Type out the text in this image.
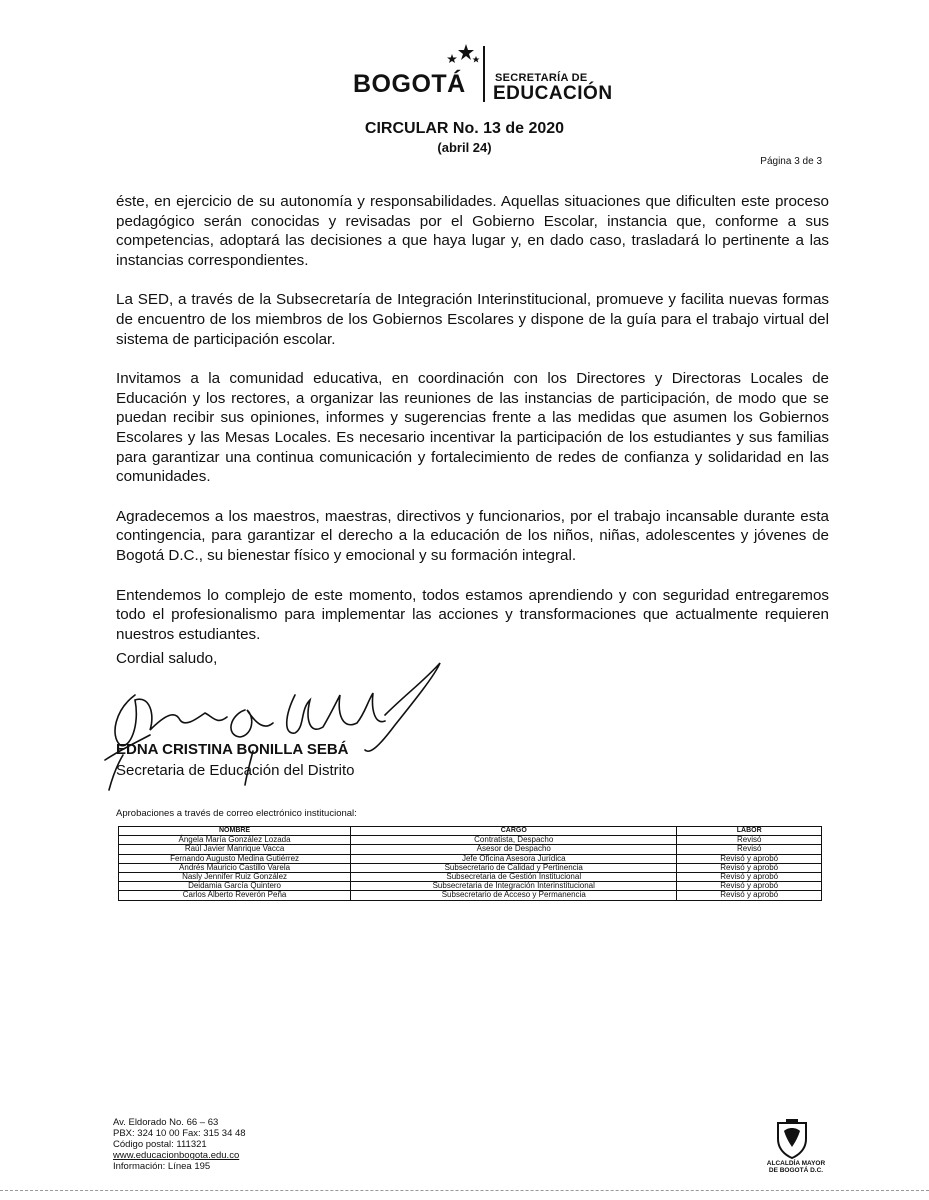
BOGOTÁ	SECRETARÍA DE
EDUCACIÓN
CIRCULAR No. 13 de 2020
(abril 24)
Página 3 de 3

éste, en ejercicio de su autonomía y responsabilidades. Aquellas situaciones que dificulten este proceso pedagógico serán conocidas y revisadas por el Gobierno Escolar, instancia que, conforme a sus competencias, adoptará las decisiones a que haya lugar y, en dado caso, trasladará lo pertinente a las instancias correspondientes.

La SED, a través de la Subsecretaría de Integración Interinstitucional, promueve y facilita nuevas formas de encuentro de los miembros de los Gobiernos Escolares y dispone de la guía para el trabajo virtual del sistema de participación escolar.

Invitamos a la comunidad educativa, en coordinación con los Directores y Directoras Locales de Educación y los rectores, a organizar las reuniones de las instancias de participación, de modo que se puedan recibir sus opiniones, informes y sugerencias frente a las medidas que asumen los Gobiernos Escolares y las Mesas Locales. Es necesario incentivar la participación de los estudiantes y sus familias para garantizar una continua comunicación y fortalecimiento de redes de confianza y solidaridad en las comunidades.

Agradecemos a los maestros, maestras, directivos y funcionarios, por el trabajo incansable durante esta contingencia, para garantizar el derecho a la educación de los niños, niñas, adolescentes y jóvenes de Bogotá D.C., su bienestar físico y emocional y su formación integral.

Entendemos lo complejo de este momento, todos estamos aprendiendo y con seguridad entregaremos todo el profesionalismo para implementar las acciones y transformaciones que actualmente requieren nuestros estudiantes.

Cordial saludo,
EDNA CRISTINA BONILLA SEBÁ
Secretaria de Educación del Distrito
Aprobaciones a través de correo electrónico institucional:
NOMBRE	CARGO	LABOR
Ángela María González Lozada	Contratista, Despacho	Revisó
Raúl Javier Manrique Vacca	Asesor de Despacho	Revisó
Fernando Augusto Medina Gutiérrez	Jefe Oficina Asesora Jurídica	Revisó y aprobó
Andrés Mauricio Castillo Varela	Subsecretario de Calidad y Pertinencia	Revisó y aprobó
Nasly Jennifer Ruiz González	Subsecretaria de Gestión Institucional	Revisó y aprobó
Deidamia García Quintero	Subsecretaria de Integración Interinstitucional	Revisó y aprobó
Carlos Alberto Reverón Peña	Subsecretario de Acceso y Permanencia	Revisó y aprobó
Av. Eldorado No. 66 – 63
PBX: 324 10 00 Fax: 315 34 48
Código postal: 111321
www.educacionbogota.edu.co
Información: Línea 195	ALCALDÍA MAYOR
DE BOGOTÁ D.C.
